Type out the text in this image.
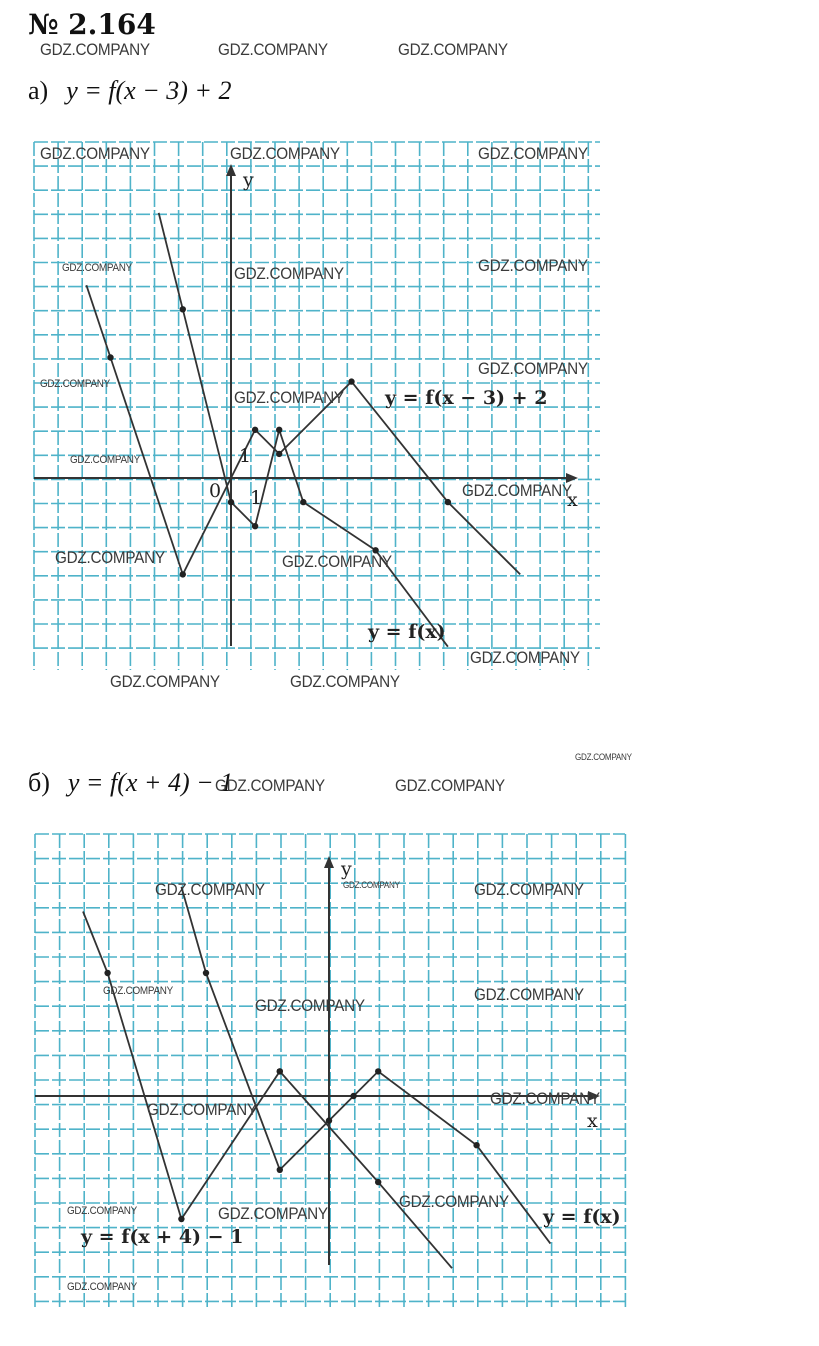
№ 2.164
а) y = f(x − 3) + 2
б) y = f(x + 4) − 1
x
y
0 1
1
y = f(x − 3) + 2
y = f(x)
x
y
y = f(x + 4) − 1
y = f(x)
GDZ.COMPANY	GDZ.COMPANY	GDZ.COMPANY
GDZ.COMPANY	GDZ.COMPANY	GDZ.COMPANY
GDZ.COMPANY	GDZ.COMPANY	GDZ.COMPANY
GDZ.COMPANY
GDZ.COMPANY
GDZ.COMPANY
GDZ.COMPANY
GDZ.COMPANY
GDZ.COMPANY	GDZ.COMPANY
GDZ.COMPANY
GDZ.COMPANY	GDZ.COMPANY
GDZ.COMPANY
GDZ.COMPANY	GDZ.COMPANY
GDZ.COMPANY	GDZ.COMPANY	GDZ.COMPANY
GDZ.COMPANY
GDZ.COMPANY
GDZ.COMPANY
GDZ.COMPANY
GDZ.COMPANY
GDZ.COMPANY
GDZ.COMPANY	GDZ.COMPANY
GDZ.COMPANY
